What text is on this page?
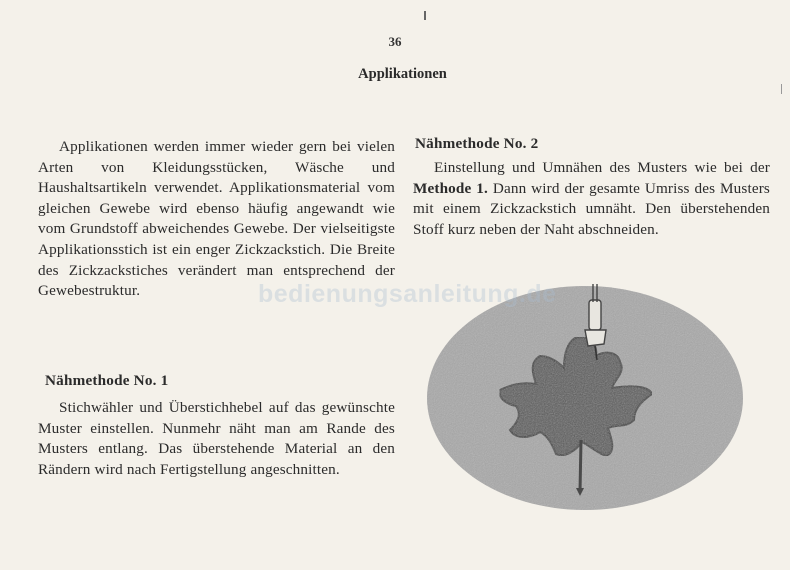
36
Applikationen

Applikationen werden immer wieder gern bei vielen Arten von Kleidungsstücken, Wäsche und Haushaltsartikeln verwendet. Applikationsmaterial vom gleichen Gewebe wird ebenso häufig angewandt wie vom Grundstoff abweichendes Gewebe. Der vielseitigste Applikationsstich ist ein enger Zickzackstich. Die Breite des Zickzackstiches verändert man entsprechend der Gewebestruktur.

Nähmethode No. 1

Stichwähler und Überstichhebel auf das gewünschte Muster einstellen. Nunmehr näht man am Rande des Musters entlang. Das überstehende Material an den Rändern wird nach Fertigstellung angeschnitten.

Nähmethode No. 2

Einstellung und Umnähen des Musters wie bei der Methode 1. Dann wird der gesamte Umriss des Musters mit einem Zickzackstich umnäht. Den überstehenden Stoff kurz neben der Naht abschneiden.

bedienungsanleitung.de
